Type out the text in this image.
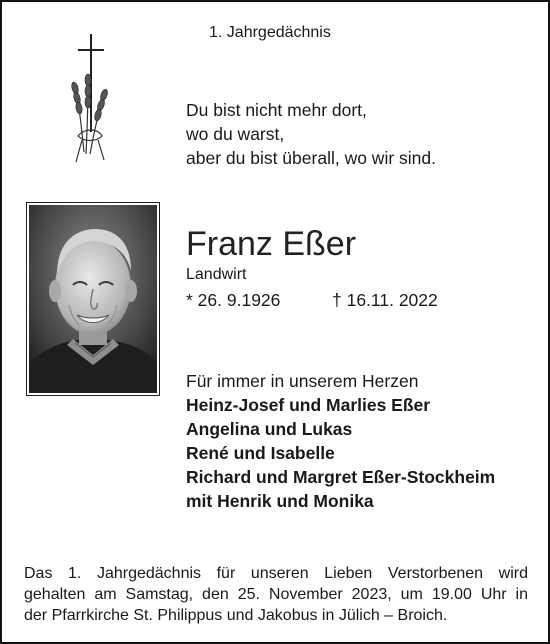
1. Jahrgedächnis
Du bist nicht mehr dort,
wo du warst,
aber du bist überall, wo wir sind.
Franz Eßer
Landwirt
* 26. 9.1926	† 16.11. 2022
Für immer in unserem Herzen
Heinz-Josef und Marlies Eßer
Angelina und Lukas
René und Isabelle
Richard und Margret Eßer-Stockheim
mit Henrik und Monika
Das 1. Jahrgedächnis für unseren Lieben Verstorbenen wird
gehalten am Samstag, den 25. November 2023, um 19.00 Uhr in
der Pfarrkirche St. Philippus und Jakobus in Jülich – Broich.
